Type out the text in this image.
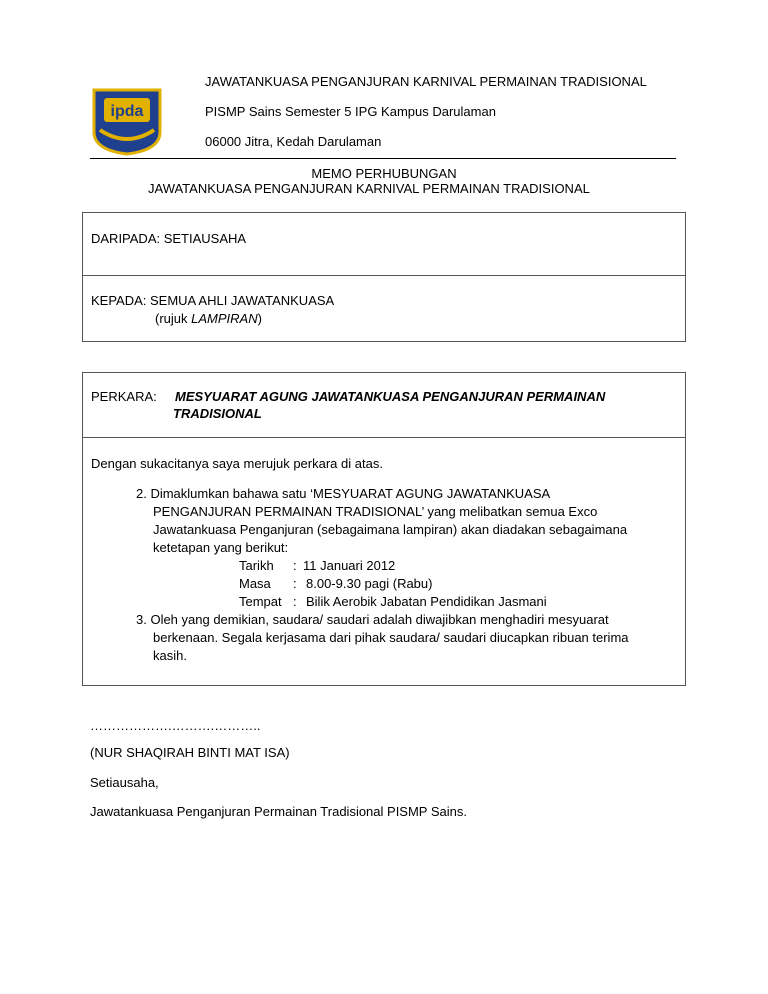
ipda
JAWATANKUASA PENGANJURAN KARNIVAL PERMAINAN TRADISIONAL
PISMP Sains Semester 5 IPG Kampus Darulaman
06000 Jitra, Kedah Darulaman
MEMO PERHUBUNGAN
JAWATANKUASA PENGANJURAN KARNIVAL PERMAINAN TRADISIONAL
DARIPADA: SETIAUSAHA
KEPADA: SEMUA AHLI JAWATANKUASA
(rujuk LAMPIRAN)
PERKARA: MESYUARAT AGUNG JAWATANKUASA PENGANJURAN PERMAINAN
TRADISIONAL
Dengan sukacitanya saya merujuk perkara di atas.
2. Dimaklumkan bahawa satu ‘MESYUARAT AGUNG JAWATANKUASA
PENGANJURAN PERMAINAN TRADISIONAL’ yang melibatkan semua Exco
Jawatankuasa Penganjuran (sebagaimana lampiran) akan diadakan sebagaimana
ketetapan yang berikut:
Tarikh : 11 Januari 2012
Masa : 8.00-9.30 pagi (Rabu)
Tempat : Bilik Aerobik Jabatan Pendidikan Jasmani
3. Oleh yang demikian, saudara/ saudari adalah diwajibkan menghadiri mesyuarat
berkenaan. Segala kerjasama dari pihak saudara/ saudari diucapkan ribuan terima
kasih.
……………….……….………..
(NUR SHAQIRAH BINTI MAT ISA)
Setiausaha,
Jawatankuasa Penganjuran Permainan Tradisional PISMP Sains.
